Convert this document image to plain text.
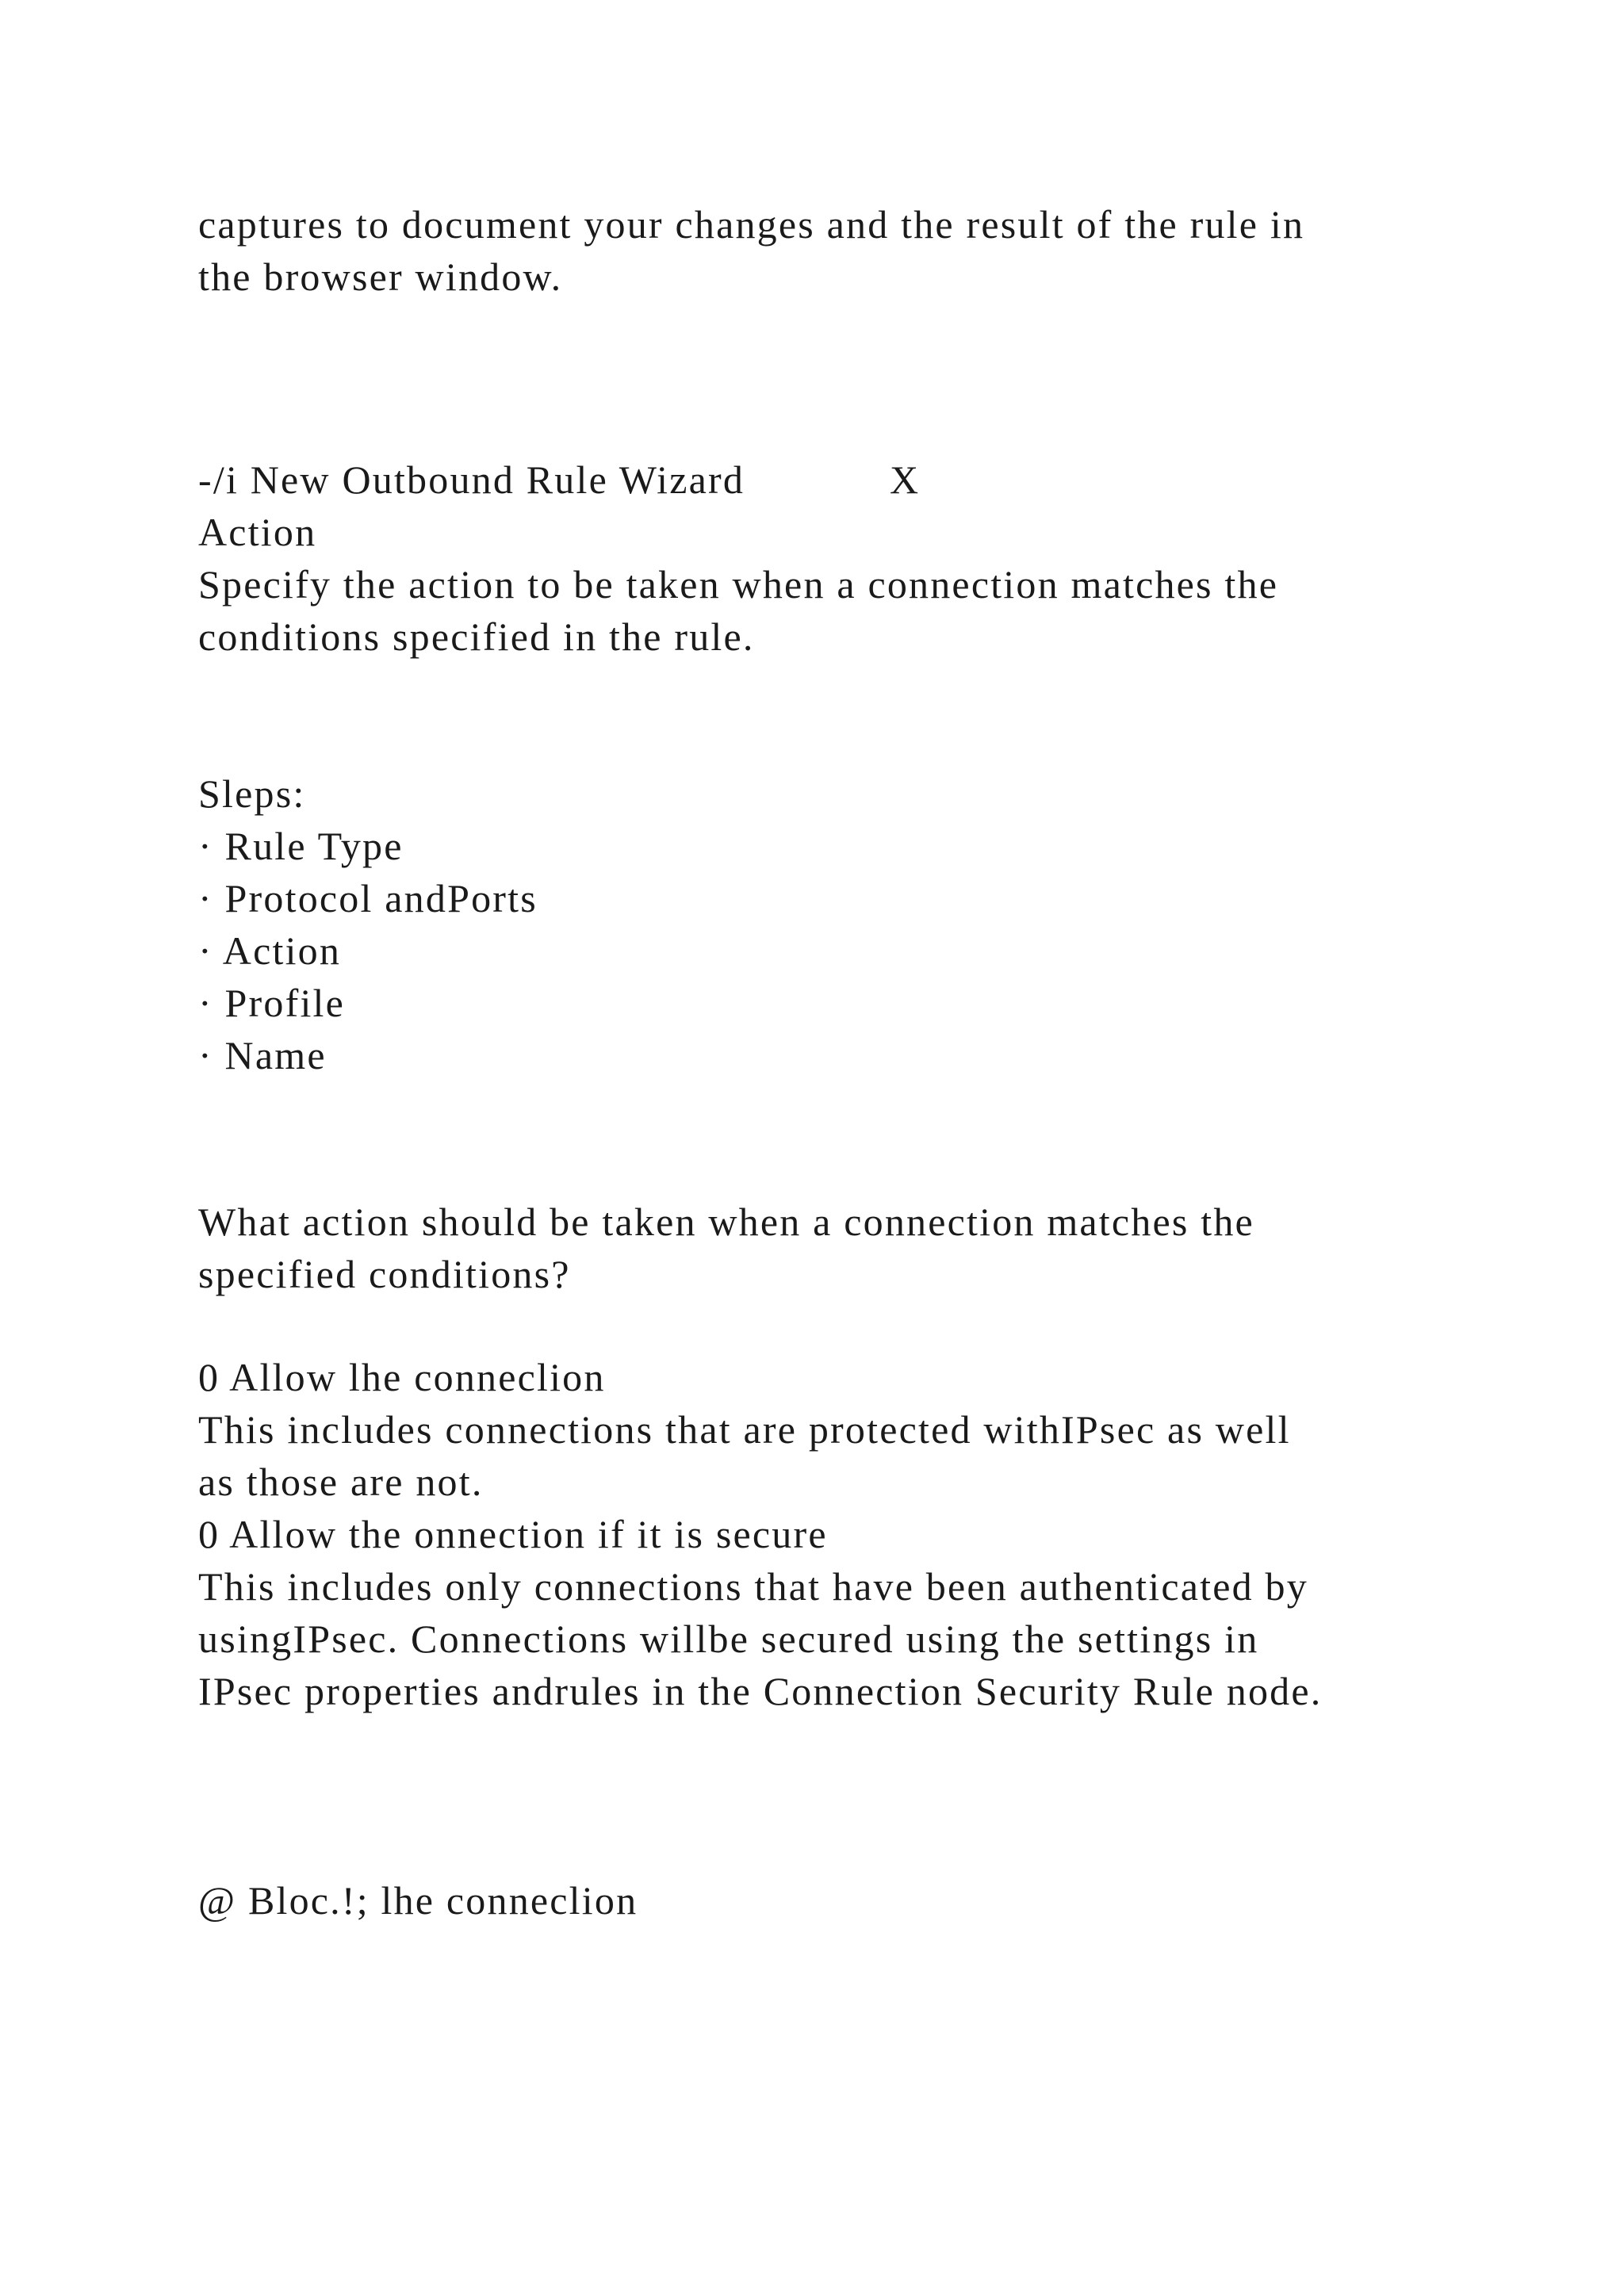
captures to document your changes and the result of the rule in

the browser window.

-/i New Outbound Rule Wizard	X

Action

Specify the action to be taken when a connection matches the

conditions specified in the rule.

Sleps:

· Rule Type

· Protocol andPorts

· Action

· Profile

· Name

What action should be taken when a connection matches the

specified conditions?

0 Allow lhe conneclion

This includes connections that are protected withIPsec as well

as those are not.

0 Allow the onnection if it is secure

This includes only connections that have been authenticated by

usingIPsec. Connections willbe secured using the settings in

IPsec properties andrules in the Connection Security Rule node.

@ Bloc.!; lhe conneclion
